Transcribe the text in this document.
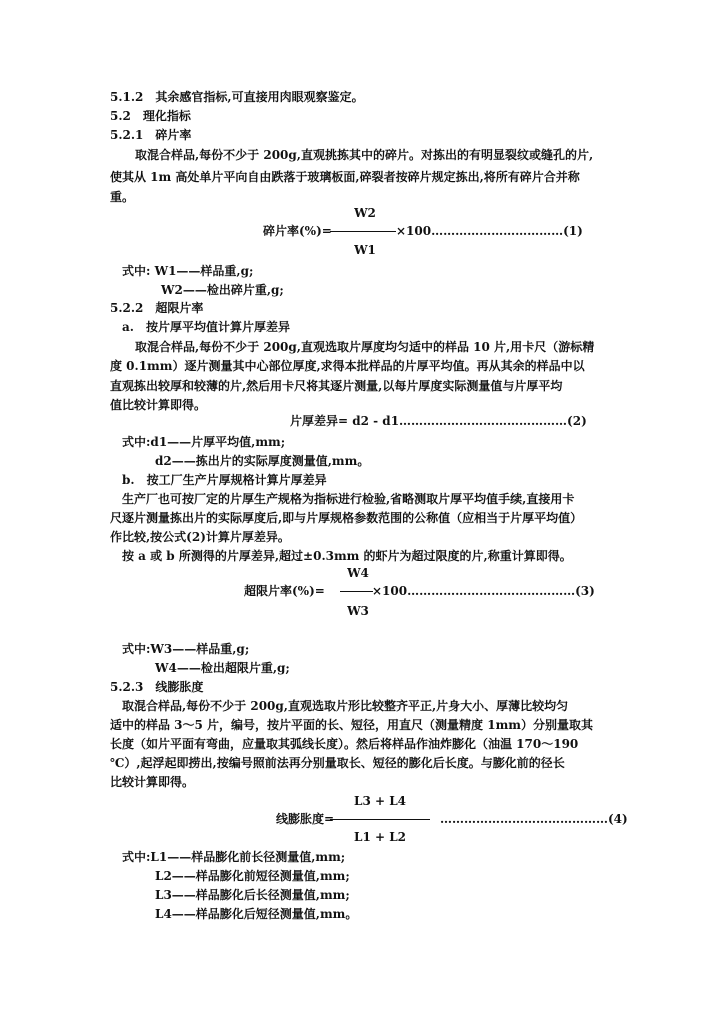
5.1.2　其余感官指标,可直接用肉眼观察鉴定。
5.2　理化指标
5.2.1　碎片率
取混合样品,每份不少于 200g,直观挑拣其中的碎片。对拣出的有明显裂纹或缝孔的片,
使其从 1m 高处单片平向自由跌落于玻璃板面,碎裂者按碎片规定拣出,将所有碎片合并称
重。
W2
碎片率(%)=	×100……………………………(1)
W1
式中: W1——样品重,g;
W2——检出碎片重,g;
5.2.2　超限片率
a.　按片厚平均值计算片厚差异
取混合样品,每份不少于 200g,直观选取片厚度均匀适中的样品 10 片,用卡尺（游标精
度 0.1mm）逐片测量其中心部位厚度,求得本批样品的片厚平均值。再从其余的样品中以
直观拣出较厚和较薄的片,然后用卡尺将其逐片测量,以每片厚度实际测量值与片厚平均
值比较计算即得。
片厚差异= d2 - d1……………………………………(2)
式中:d1——片厚平均值,mm;
d2——拣出片的实际厚度测量值,mm。
b.　按工厂生产片厚规格计算片厚差异
生产厂也可按厂定的片厚生产规格为指标进行检验,省略测取片厚平均值手续,直接用卡
尺逐片测量拣出片的实际厚度后,即与片厚规格参数范围的公称值（应相当于片厚平均值）
作比较,按公式(2)计算片厚差异。
按 a 或 b 所测得的片厚差异,超过±0.3mm 的虾片为超过限度的片,称重计算即得。
W4
超限片率(%)=	×100……………………………………(3)
W3
式中:W3——样品重,g;
W4——检出超限片重,g;
5.2.3　线膨胀度
取混合样品,每份不少于 200g,直观选取片形比较整齐平正,片身大小、厚薄比较均匀
适中的样品 3～5 片，编号，按片平面的长、短径，用直尺（测量精度 1mm）分别量取其
长度（如片平面有弯曲，应量取其弧线长度）。然后将样品作油炸膨化（油温 170～190
℃）,起浮起即捞出,按编号照前法再分别量取长、短径的膨化后长度。与膨化前的径长
比较计算即得。
L3 + L4
线膨胀度=	……………………………………(4)
L1 + L2
式中:L1——样品膨化前长径测量值,mm;
L2——样品膨化前短径测量值,mm;
L3——样品膨化后长径测量值,mm;
L4——样品膨化后短径测量值,mm。
